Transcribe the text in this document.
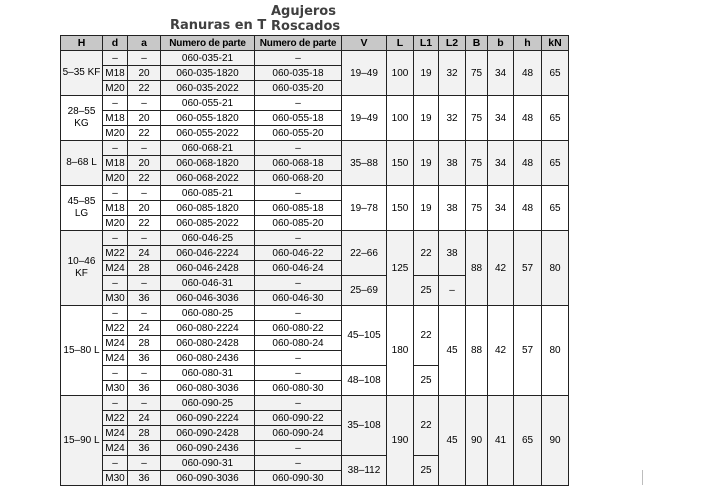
Ranuras en T
Agujeros Roscados
H	d	a	Numero de parte	Numero de parte	V	L	L1	L2	B	b	h	kN
5–35 KF	–	–	060-035-21	–	19–49	100	19	32	75	34	48	65
	M18	20	060-035-1820	060-035-18								
	M20	22	060-035-2022	060-035-20								
28–55 KG	–	–	060-055-21	–	19–49	100	19	32	75	34	48	65
	M18	20	060-055-1820	060-055-18								
	M20	22	060-055-2022	060-055-20								
8–68 L	–	–	060-068-21	–	35–88	150	19	38	75	34	48	65
	M18	20	060-068-1820	060-068-18								
	M20	22	060-068-2022	060-068-20								
45–85 LG	–	–	060-085-21	–	19–78	150	19	38	75	34	48	65
	M18	20	060-085-1820	060-085-18								
	M20	22	060-085-2022	060-085-20								
10–46 KF	–	–	060-046-25	–	22–66	125	22	38	88	42	57	80
	M22	24	060-046-2224	060-046-22								
	M24	28	060-046-2428	060-046-24								
	–	–	060-046-31	–	25–69		25	–				
	M30	36	060-046-3036	060-046-30								
15–80 L	–	–	060-080-25	–	45–105	180	22	45	88	42	57	80
	M22	24	060-080-2224	060-080-22								
	M24	28	060-080-2428	060-080-24								
	M24	36	060-080-2436	–								
	–	–	060-080-31	–	48–108		25					
	M30	36	060-080-3036	060-080-30								
15–90 L	–	–	060-090-25	–	35–108	190	22	45	90	41	65	90
	M22	24	060-090-2224	060-090-22								
	M24	28	060-090-2428	060-090-24								
	M24	36	060-090-2436	–								
	–	–	060-090-31	–	38–112		25					
	M30	36	060-090-3036	060-090-30								
